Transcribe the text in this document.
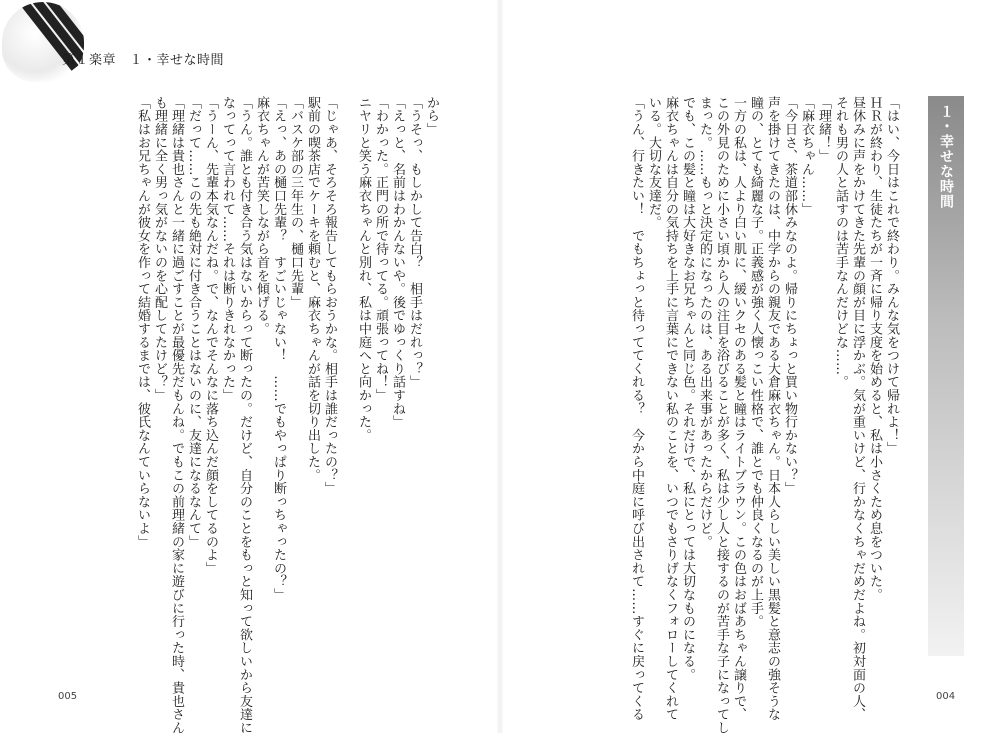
第１楽章　１・幸せな時間

から」

「うそっ、もしかして告白？　相手はだれっ？」

「えっと、名前はわかんないや。後でゆっくり話すね」

「わかった。正門の所で待ってる。頑張ってね！」

ニヤリと笑う麻衣ちゃんと別れ、私は中庭へと向かった。

「じゃあ、そろそろ報告してもらおうかな。相手は誰だったの？」

駅前の喫茶店でケーキを頼むと、麻衣ちゃんが話を切り出した。

「バスケ部の三年生の、樋口先輩」

「えっ、あの樋口先輩？　すごいじゃない！　……でもやっぱり断っちゃったの？」

麻衣ちゃんが苦笑しながら首を傾げる。

「うん。誰とも付き合う気はないからって断ったの。だけど、自分のことをもっと知って欲しいから友達に

なってって言われて……それは断りきれなかった」

「うーん、先輩本気なんだね。で、なんでそんなに落ち込んだ顔をしてるのよ」

「だって……この先も絶対に付き合うことはないのに、友達になるなんて」

「理緒は貴也さんと一緒に過ごすことが最優先だもんね。でもこの前理緒の家に遊びに行った時、貴也さん

も理緒に全く男っ気がないのを心配してたけど？」

「私はお兄ちゃんが彼女を作って結婚するまでは、彼氏なんていらないよ」	「はい、今日はこれで終わり。みんな気をつけて帰れよ！」

ＨＲが終わり、生徒たちが一斉に帰り支度を始めると、私は小さくため息をついた。

昼休みに声をかけてきた先輩の顔が目に浮かぶ。気が重いけど、行かなくちゃだめだよね。初対面の人、

それも男の人と話すのは苦手なんだけどな……。

「理緒！」

「麻衣ちゃん……」

「今日さ、茶道部休みなのよ。帰りにちょっと買い物行かない？」

声を掛けてきたのは、中学からの親友である大倉麻衣ちゃん。日本人らしい美しい黒髪と意志の強そうな

瞳の、とても綺麗な子。正義感が強く人懐っこい性格で、誰とでも仲良くなるのが上手。

一方の私は、人より白い肌に、緩いクセのある髪と瞳はライトブラウン。この色はおばあちゃん譲りで、

この外見のために小さい頃から人の注目を浴びることが多く、私は少し人と接するのが苦手な子になってし

まった。……もっと決定的になったのは、ある出来事があったからだけど。

でも、この髪と瞳は大好きなお兄ちゃんと同じ色。それだけで、私にとっては大切なものになる。

麻衣ちゃんは自分の気持ちを上手に言葉にできない私のことを、いつでもさりげなくフォローしてくれて

いる。大切な友達だ。

「うん、行きたい！　でもちょっと待っててくれる？　今から中庭に呼び出されて……すぐに戻ってくる	１・幸せな時間
005	004
